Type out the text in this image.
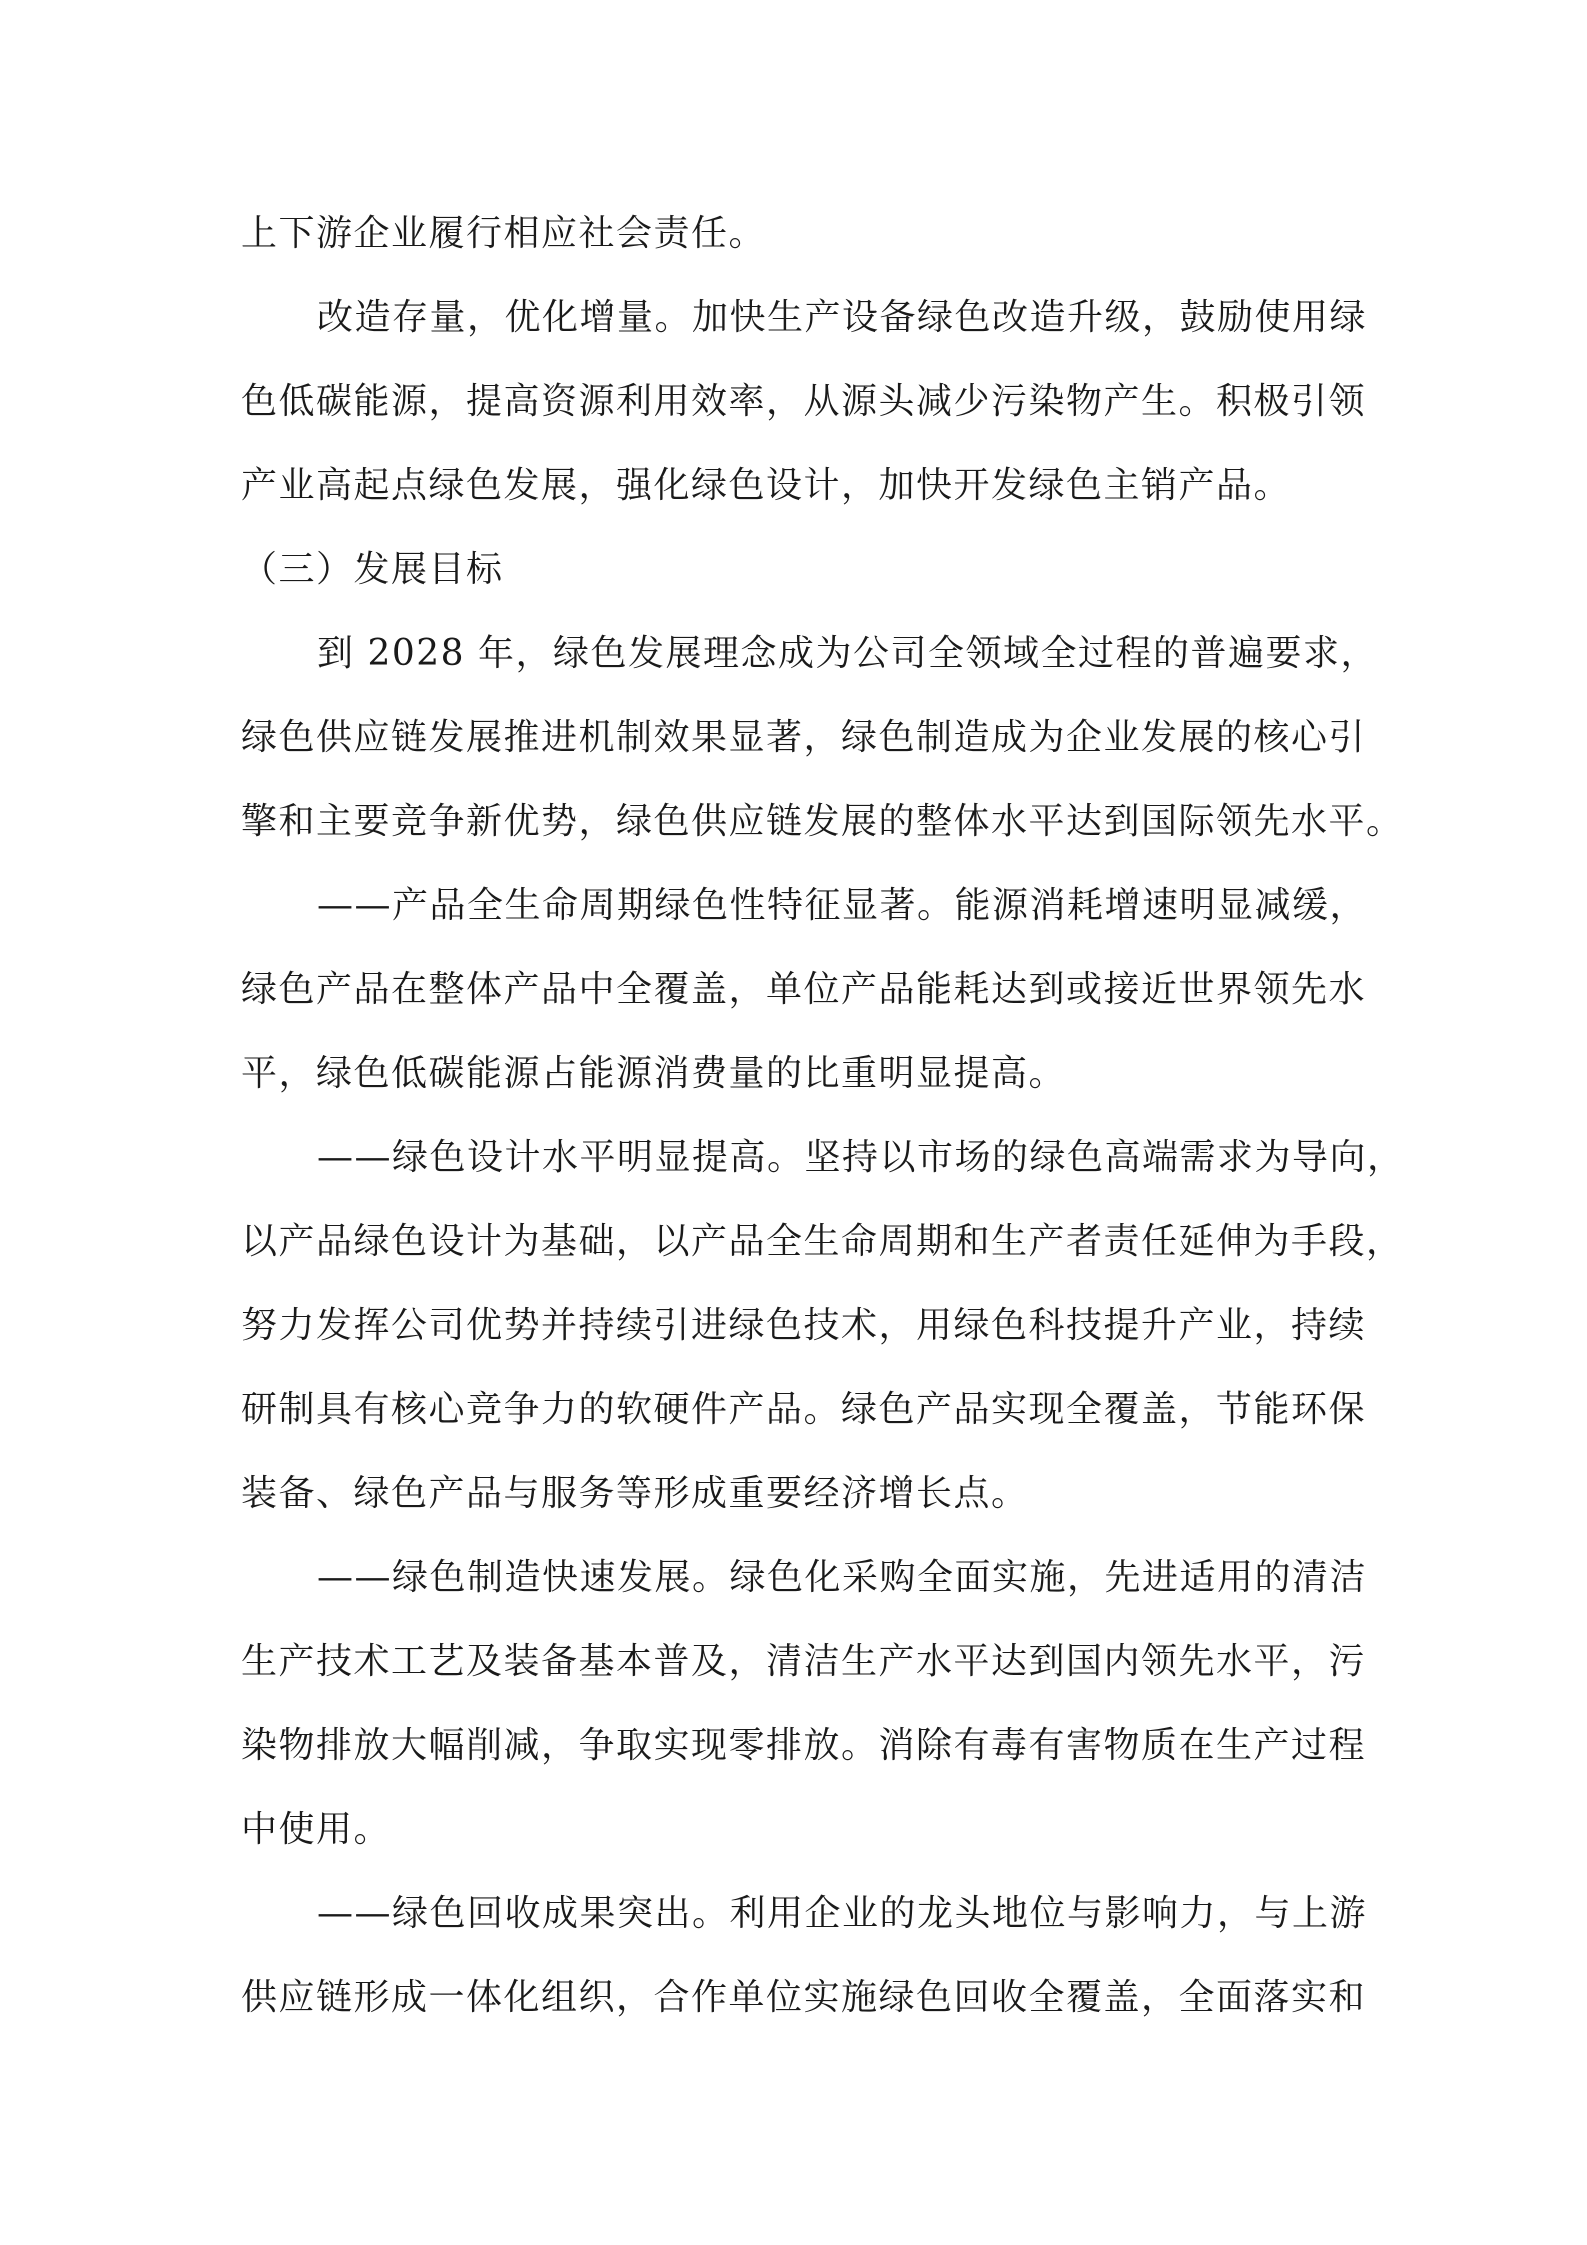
上下游企业履行相应社会责任。
改造存量，优化增量。加快生产设备绿色改造升级，鼓励使用绿
色低碳能源，提高资源利用效率，从源头减少污染物产生。积极引领
产业高起点绿色发展，强化绿色设计，加快开发绿色主销产品。
（三）发展目标
到 2028 年，绿色发展理念成为公司全领域全过程的普遍要求，
绿色供应链发展推进机制效果显著，绿色制造成为企业发展的核心引
擎和主要竞争新优势，绿色供应链发展的整体水平达到国际领先水平。
——产品全生命周期绿色性特征显著。能源消耗增速明显减缓，
绿色产品在整体产品中全覆盖，单位产品能耗达到或接近世界领先水
平，绿色低碳能源占能源消费量的比重明显提高。
——绿色设计水平明显提高。坚持以市场的绿色高端需求为导向，
以产品绿色设计为基础，以产品全生命周期和生产者责任延伸为手段，
努力发挥公司优势并持续引进绿色技术，用绿色科技提升产业，持续
研制具有核心竞争力的软硬件产品。绿色产品实现全覆盖，节能环保
装备、绿色产品与服务等形成重要经济增长点。
——绿色制造快速发展。绿色化采购全面实施，先进适用的清洁
生产技术工艺及装备基本普及，清洁生产水平达到国内领先水平，污
染物排放大幅削减，争取实现零排放。消除有毒有害物质在生产过程
中使用。
——绿色回收成果突出。利用企业的龙头地位与影响力，与上游
供应链形成一体化组织，合作单位实施绿色回收全覆盖，全面落实和
